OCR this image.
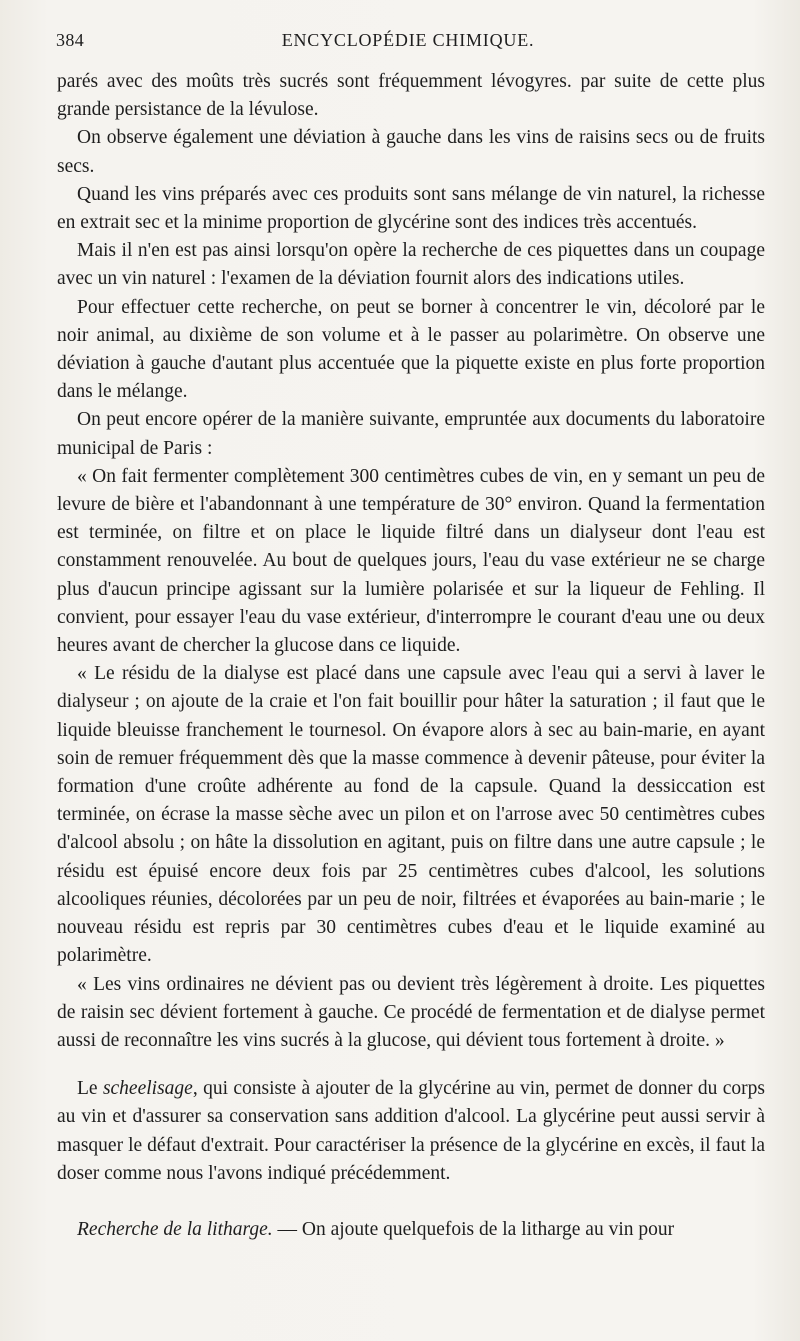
384	ENCYCLOPÉDIE CHIMIQUE.

parés avec des moûts très sucrés sont fréquemment lévogyres. par suite de cette plus grande persistance de la lévulose.

On observe également une déviation à gauche dans les vins de raisins secs ou de fruits secs.

Quand les vins préparés avec ces produits sont sans mélange de vin naturel, la richesse en extrait sec et la minime proportion de glycérine sont des indices très accentués.

Mais il n'en est pas ainsi lorsqu'on opère la recherche de ces piquettes dans un coupage avec un vin naturel : l'examen de la déviation fournit alors des indications utiles.

Pour effectuer cette recherche, on peut se borner à concentrer le vin, décoloré par le noir animal, au dixième de son volume et à le passer au polarimètre. On observe une déviation à gauche d'autant plus accentuée que la piquette existe en plus forte proportion dans le mélange.

On peut encore opérer de la manière suivante, empruntée aux documents du laboratoire municipal de Paris :

« On fait fermenter complètement 300 centimètres cubes de vin, en y semant un peu de levure de bière et l'abandonnant à une température de 30° environ. Quand la fermentation est terminée, on filtre et on place le liquide filtré dans un dialyseur dont l'eau est constamment renouvelée. Au bout de quelques jours, l'eau du vase extérieur ne se charge plus d'aucun principe agissant sur la lumière polarisée et sur la liqueur de Fehling. Il convient, pour essayer l'eau du vase extérieur, d'interrompre le courant d'eau une ou deux heures avant de chercher la glucose dans ce liquide.

« Le résidu de la dialyse est placé dans une capsule avec l'eau qui a servi à laver le dialyseur ; on ajoute de la craie et l'on fait bouillir pour hâter la saturation ; il faut que le liquide bleuisse franchement le tournesol. On évapore alors à sec au bain-marie, en ayant soin de remuer fréquemment dès que la masse commence à devenir pâteuse, pour éviter la formation d'une croûte adhérente au fond de la capsule. Quand la dessiccation est terminée, on écrase la masse sèche avec un pilon et on l'arrose avec 50 centimètres cubes d'alcool absolu ; on hâte la dissolution en agitant, puis on filtre dans une autre capsule ; le résidu est épuisé encore deux fois par 25 centimètres cubes d'alcool, les solutions alcooliques réunies, décolorées par un peu de noir, filtrées et évaporées au bain-marie ; le nouveau résidu est repris par 30 centimètres cubes d'eau et le liquide examiné au polarimètre.

« Les vins ordinaires ne dévient pas ou devient très légèrement à droite. Les piquettes de raisin sec dévient fortement à gauche. Ce procédé de fermentation et de dialyse permet aussi de reconnaître les vins sucrés à la glucose, qui dévient tous fortement à droite. »

Le scheelisage, qui consiste à ajouter de la glycérine au vin, permet de donner du corps au vin et d'assurer sa conservation sans addition d'alcool. La glycérine peut aussi servir à masquer le défaut d'extrait. Pour caractériser la présence de la glycérine en excès, il faut la doser comme nous l'avons indiqué précédemment.

Recherche de la litharge. — On ajoute quelquefois de la litharge au vin pour
